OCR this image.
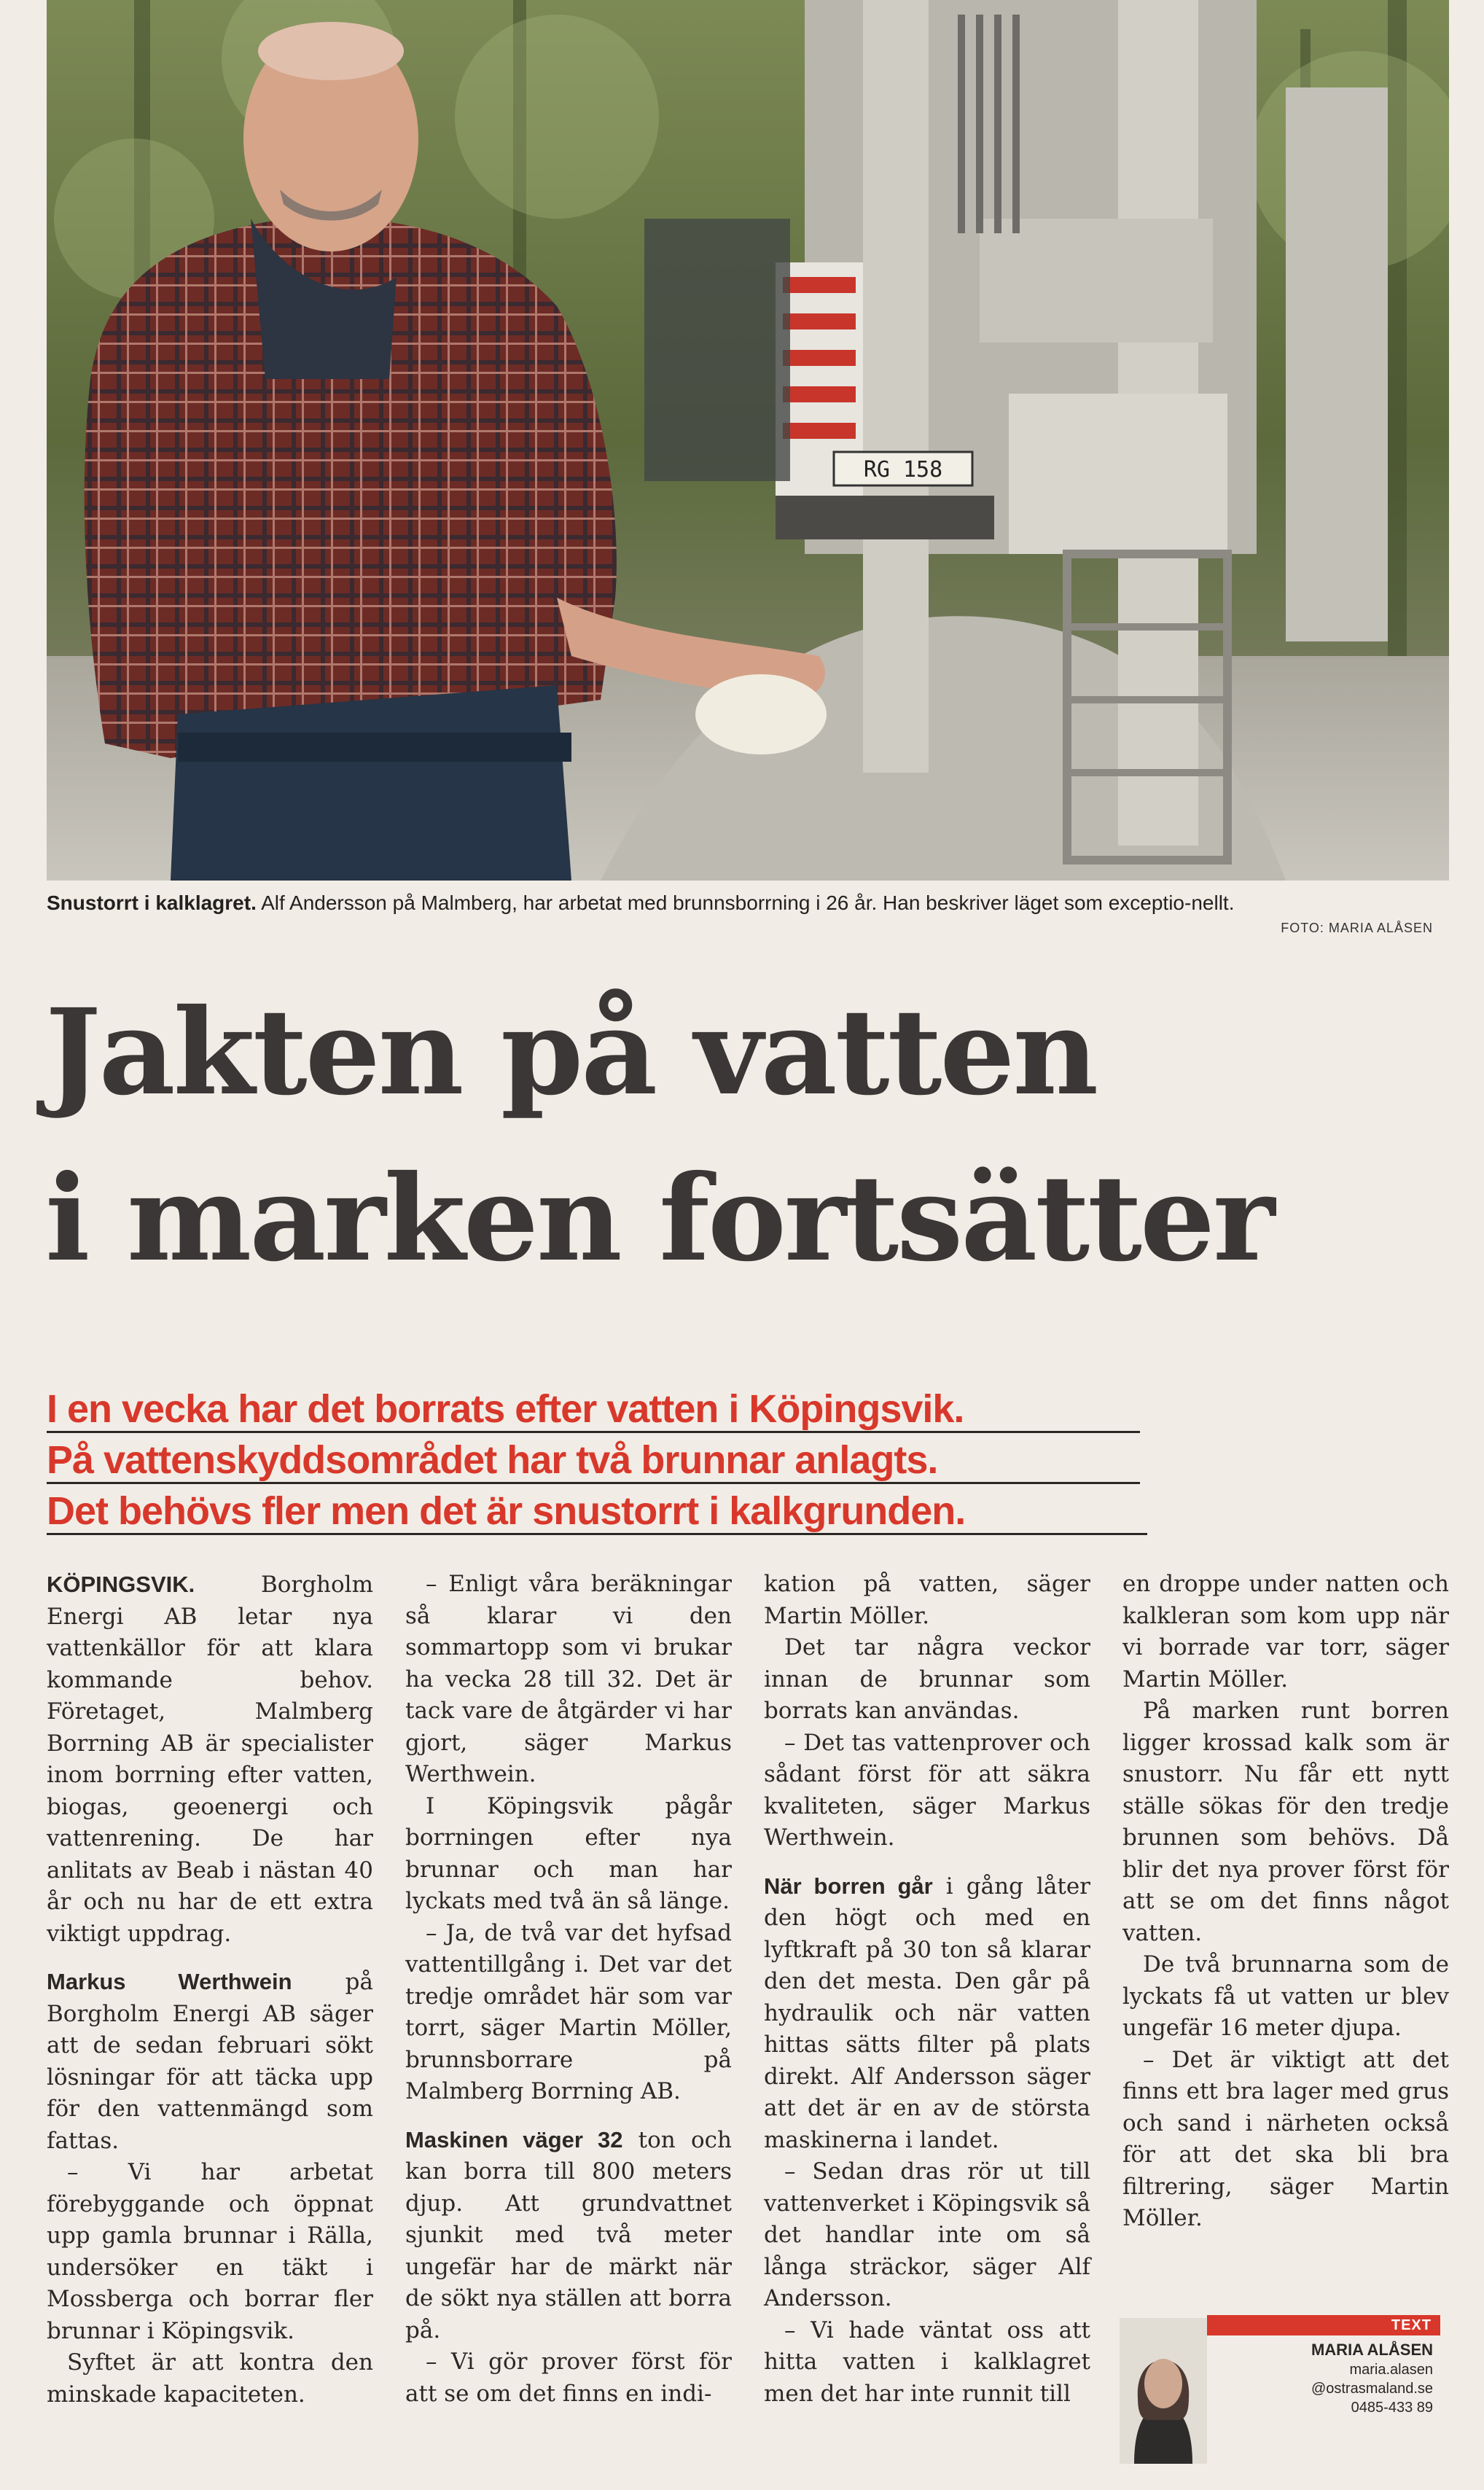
RG 158
Snustorrt i kalklagret. Alf Andersson på Malmberg, har arbetat med brunnsborrning i 26 år. Han beskriver läget som exceptio-nellt.
FOTO: MARIA ALÅSEN
Jakten på vatten
i marken fortsätter
I en vecka har det borrats efter vatten i Köpingsvik.
På vattenskyddsområdet har två brunnar anlagts.
Det behövs fler men det är snustorrt i kalkgrunden.

KÖPINGSVIK. Borgholm Energi AB letar nya vattenkällor för att klara kommande behov. Företaget, Malmberg Borrning AB är specialister inom borrning efter vatten, biogas, geoenergi och vattenrening. De har anlitats av Beab i nästan 40 år och nu har de ett extra viktigt uppdrag.

Markus Werthwein på Borgholm Energi AB säger att de sedan februari sökt lösningar för att täcka upp för den vattenmängd som fattas.

– Vi har arbetat förebyggande och öppnat upp gamla brunnar i Rälla, undersöker en täkt i Mossberga och borrar fler brunnar i Köpingsvik.

Syftet är att kontra den minskade kapaciteten.

– Enligt våra beräkningar så klarar vi den sommartopp som vi brukar ha vecka 28 till 32. Det är tack vare de åtgärder vi har gjort, säger Markus Werthwein.

I Köpingsvik pågår borrningen efter nya brunnar och man har lyckats med två än så länge.

– Ja, de två var det hyfsad vattentillgång i. Det var det tredje området här som var torrt, säger Martin Möller, brunnsborrare på Malmberg Borrning AB.

Maskinen väger 32 ton och kan borra till 800 meters djup. Att grundvattnet sjunkit med två meter ungefär har de märkt när de sökt nya ställen att borra på.

– Vi gör prover först för att se om det finns en indi-

kation på vatten, säger Martin Möller.

Det tar några veckor innan de brunnar som borrats kan användas.

– Det tas vattenprover och sådant först för att säkra kvaliteten, säger Markus Werthwein.

När borren går i gång låter den högt och med en lyftkraft på 30 ton så klarar den det mesta. Den går på hydraulik och när vatten hittas sätts filter på plats direkt. Alf Andersson säger att det är en av de största maskinerna i landet.

– Sedan dras rör ut till vattenverket i Köpingsvik så det handlar inte om så långa sträckor, säger Alf Andersson.

– Vi hade väntat oss att hitta vatten i kalklagret men det har inte runnit till

en droppe under natten och kalkleran som kom upp när vi borrade var torr, säger Martin Möller.

På marken runt borren ligger krossad kalk som är snustorr. Nu får ett nytt ställe sökas för den tredje brunnen som behövs. Då blir det nya prover först för att se om det finns något vatten.

De två brunnarna som de lyckats få ut vatten ur blev ungefär 16 meter djupa.

– Det är viktigt att det finns ett bra lager med grus och sand i närheten också för att det ska bli bra filtrering, säger Martin Möller.

TEXT
MARIA ALÅSEN
maria.alasen
@ostrasmaland.se
0485-433 89
